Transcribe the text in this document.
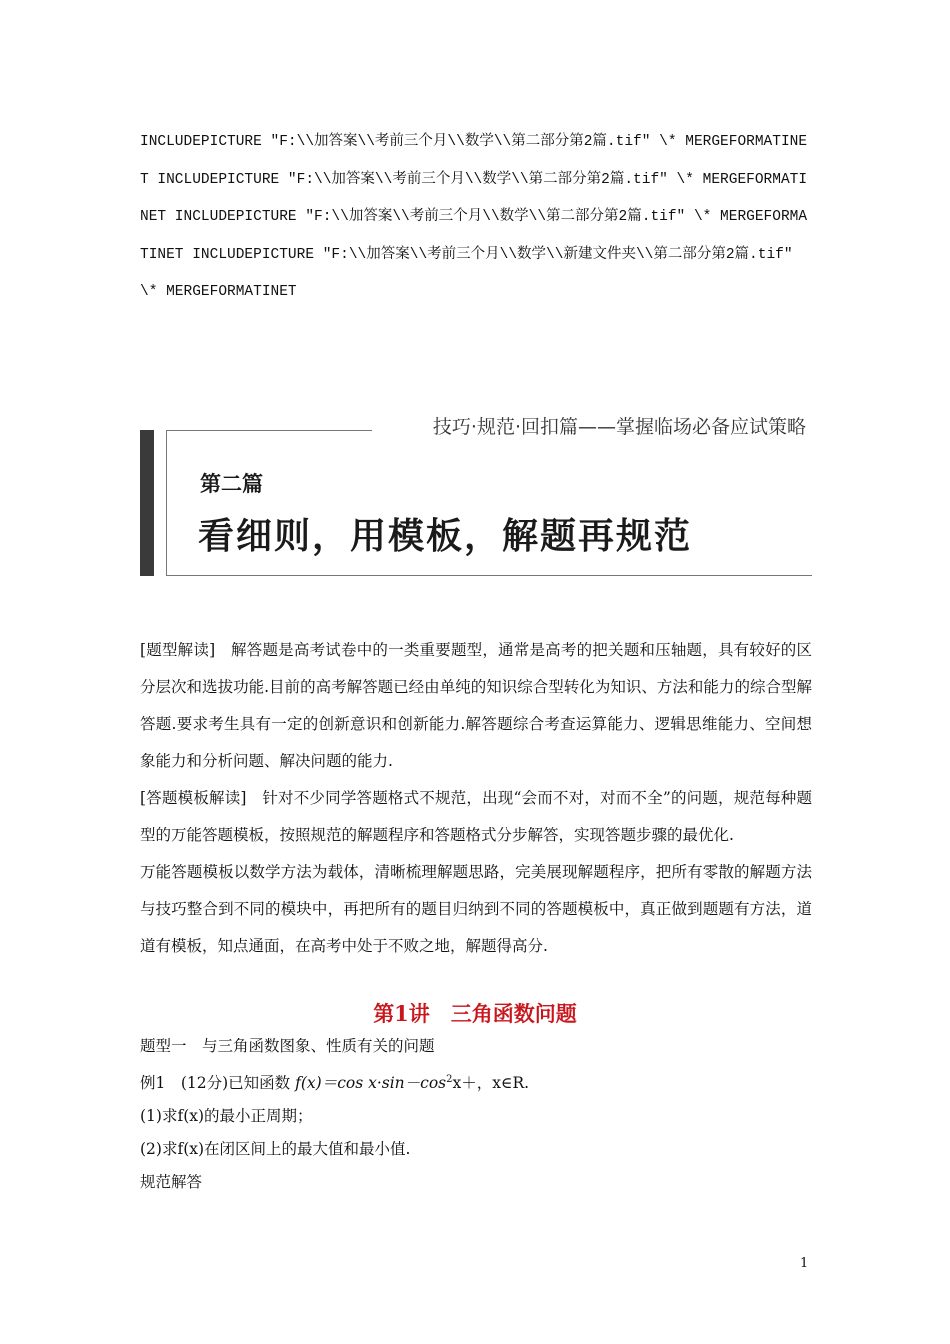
INCLUDEPICTURE "F:\\加答案\\考前三个月\\数学\\第二部分第2篇.tif" \* MERGEFORMATINET INCLUDEPICTURE "F:\\加答案\\考前三个月\\数学\\第二部分第2篇.tif" \* MERGEFORMATINET INCLUDEPICTURE "F:\\加答案\\考前三个月\\数学\\第二部分第2篇.tif" \* MERGEFORMATINET INCLUDEPICTURE "F:\\加答案\\考前三个月\\数学\\新建文件夹\\第二部分第2篇.tif" \* MERGEFORMATINET
技巧·规范·回扣篇——掌握临场必备应试策略
第二篇
看细则，用模板，解题再规范

[题型解读]　解答题是高考试卷中的一类重要题型，通常是高考的把关题和压轴题，具有较好的区分层次和选拔功能.目前的高考解答题已经由单纯的知识综合型转化为知识、方法和能力的综合型解答题.要求考生具有一定的创新意识和创新能力.解答题综合考查运算能力、逻辑思维能力、空间想象能力和分析问题、解决问题的能力.

[答题模板解读]　针对不少同学答题格式不规范，出现“会而不对，对而不全”的问题，规范每种题型的万能答题模板，按照规范的解题程序和答题格式分步解答，实现答题步骤的最优化.

万能答题模板以数学方法为载体，清晰梳理解题思路，完美展现解题程序，把所有零散的解题方法与技巧整合到不同的模块中，再把所有的题目归纳到不同的答题模板中，真正做到题题有方法，道道有模板，知点通面，在高考中处于不败之地，解题得高分.

第1讲　三角函数问题

题型一　与三角函数图象、性质有关的问题

例1　(12分)已知函数 f(x)＝cos $x\cdot\sin-\cos^2x+$，x∈R.

(1)求f(x)的最小正周期；

(2)求f(x)在闭区间上的最大值和最小值.

规范解答

1
